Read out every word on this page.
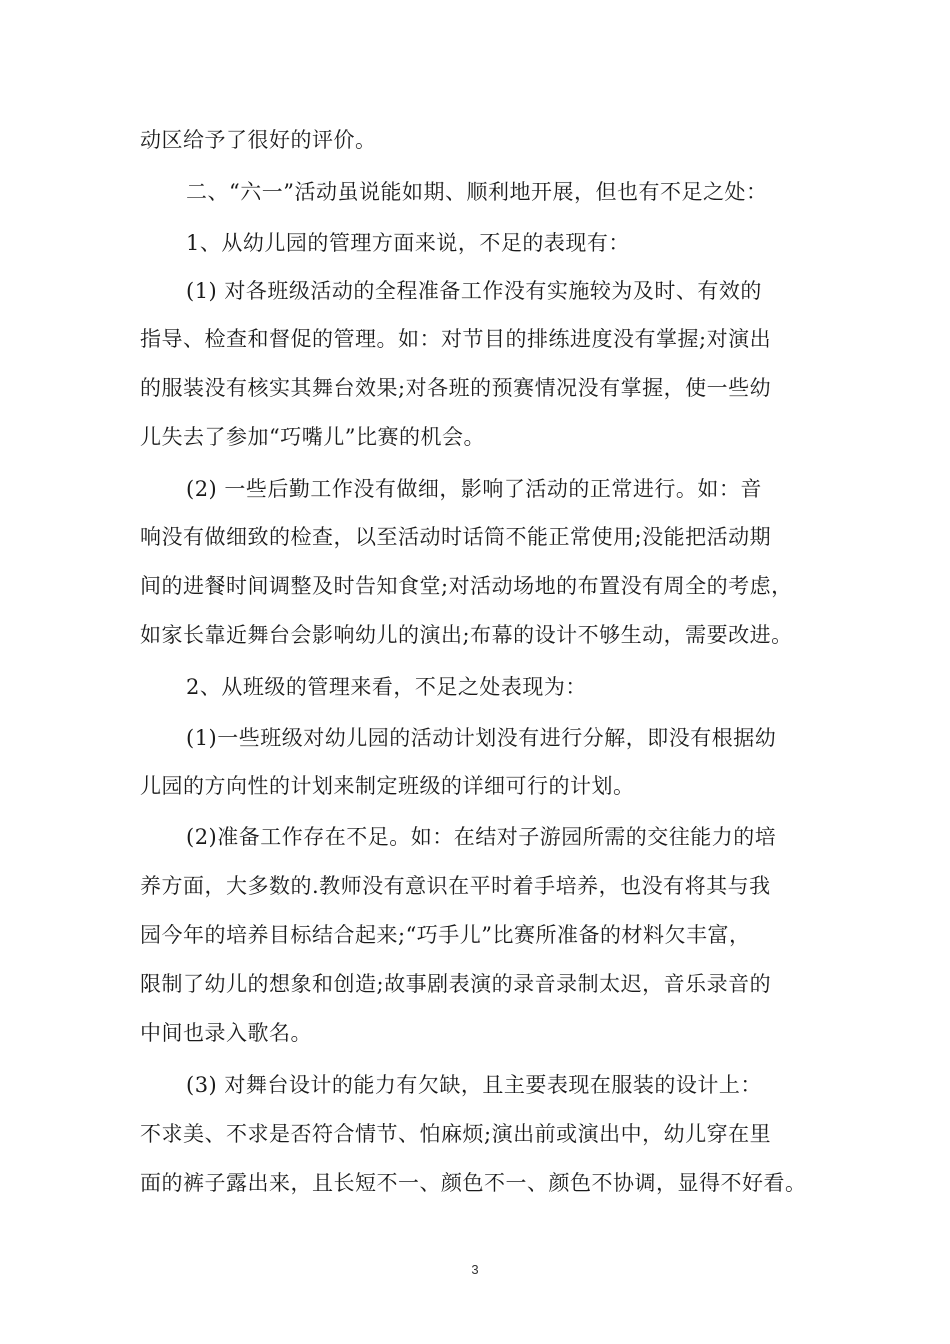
动区给予了很好的评价。
二、“六一”活动虽说能如期、顺利地开展，但也有不足之处：
1、从幼儿园的管理方面来说，不足的表现有：
(1) 对各班级活动的全程准备工作没有实施较为及时、有效的
指导、检查和督促的管理。如：对节目的排练进度没有掌握;对演出
的服装没有核实其舞台效果;对各班的预赛情况没有掌握，使一些幼
儿失去了参加“巧嘴儿”比赛的机会。
(2) 一些后勤工作没有做细，影响了活动的正常进行。如：音
响没有做细致的检查，以至活动时话筒不能正常使用;没能把活动期
间的进餐时间调整及时告知食堂;对活动场地的布置没有周全的考虑，
如家长靠近舞台会影响幼儿的演出;布幕的设计不够生动，需要改进。
2、从班级的管理来看，不足之处表现为：
(1)一些班级对幼儿园的活动计划没有进行分解，即没有根据幼
儿园的方向性的计划来制定班级的详细可行的计划。
(2)准备工作存在不足。如：在结对子游园所需的交往能力的培
养方面，大多数的.教师没有意识在平时着手培养，也没有将其与我
园今年的培养目标结合起来;“巧手儿”比赛所准备的材料欠丰富，
限制了幼儿的想象和创造;故事剧表演的录音录制太迟，音乐录音的
中间也录入歌名。
(3) 对舞台设计的能力有欠缺，且主要表现在服装的设计上：
不求美、不求是否符合情节、怕麻烦;演出前或演出中，幼儿穿在里
面的裤子露出来，且长短不一、颜色不一、颜色不协调，显得不好看。
3
